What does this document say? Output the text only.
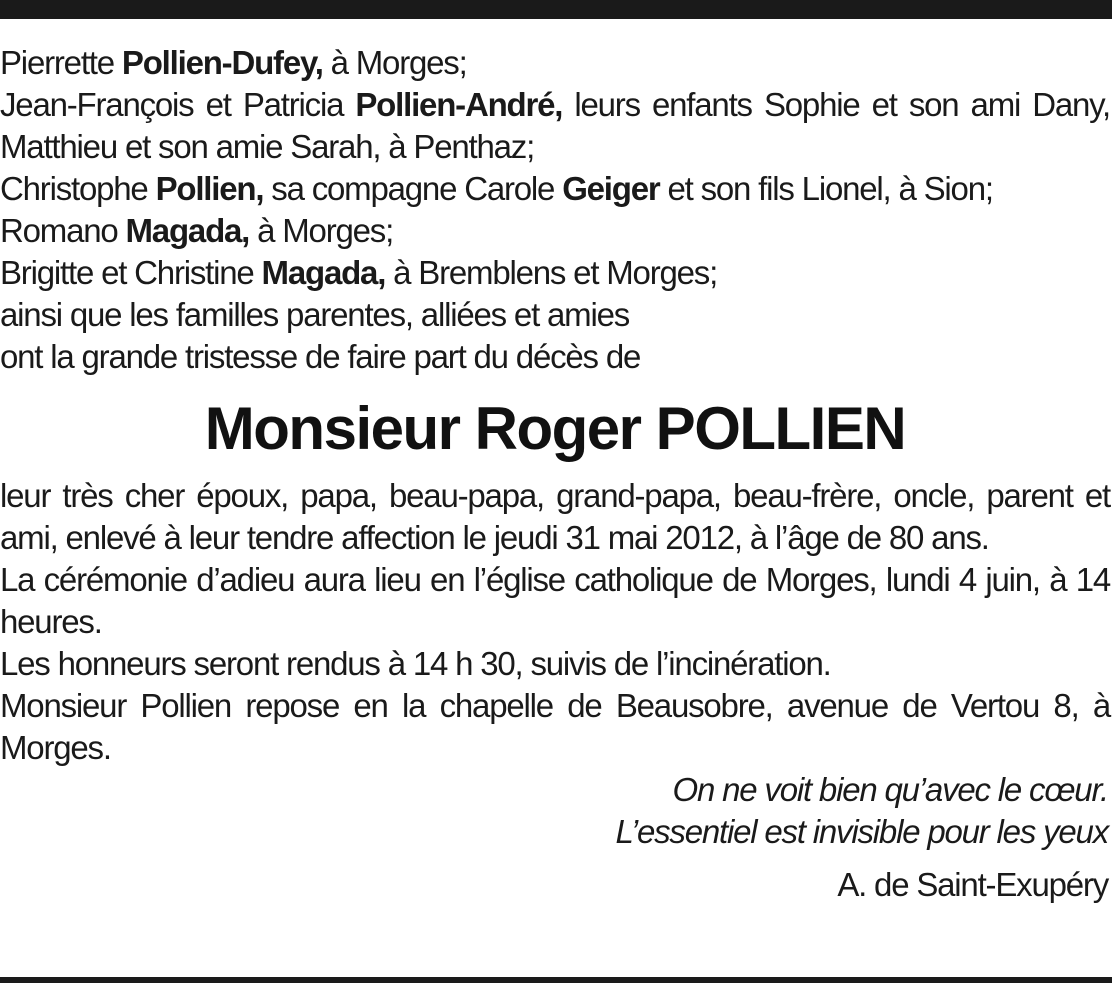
Pierrette Pollien-Dufey, à Morges;

Jean-François et Patricia Pollien-André, leurs enfants Sophie et son ami Dany, Matthieu et son amie Sarah, à Penthaz;

Christophe Pollien, sa compagne Carole Geiger et son fils Lionel, à Sion;

Romano Magada, à Morges;

Brigitte et Christine Magada, à Bremblens et Morges;

ainsi que les familles parentes, alliées et amies

ont la grande tristesse de faire part du décès de

Monsieur Roger POLLIEN

leur très cher époux, papa, beau-papa, grand-papa, beau-frère, oncle, parent et ami, enlevé à leur tendre affection le jeudi 31 mai 2012, à l’âge de 80 ans.

La cérémonie d’adieu aura lieu en l’église catholique de Morges, lundi 4 juin, à 14 heures.

Les honneurs seront rendus à 14 h 30, suivis de l’incinération.

Monsieur Pollien repose en la chapelle de Beausobre, avenue de Vertou 8, à Morges.

On ne voit bien qu’avec le cœur.
L’essentiel est invisible pour les yeux
A. de Saint-Exupéry
